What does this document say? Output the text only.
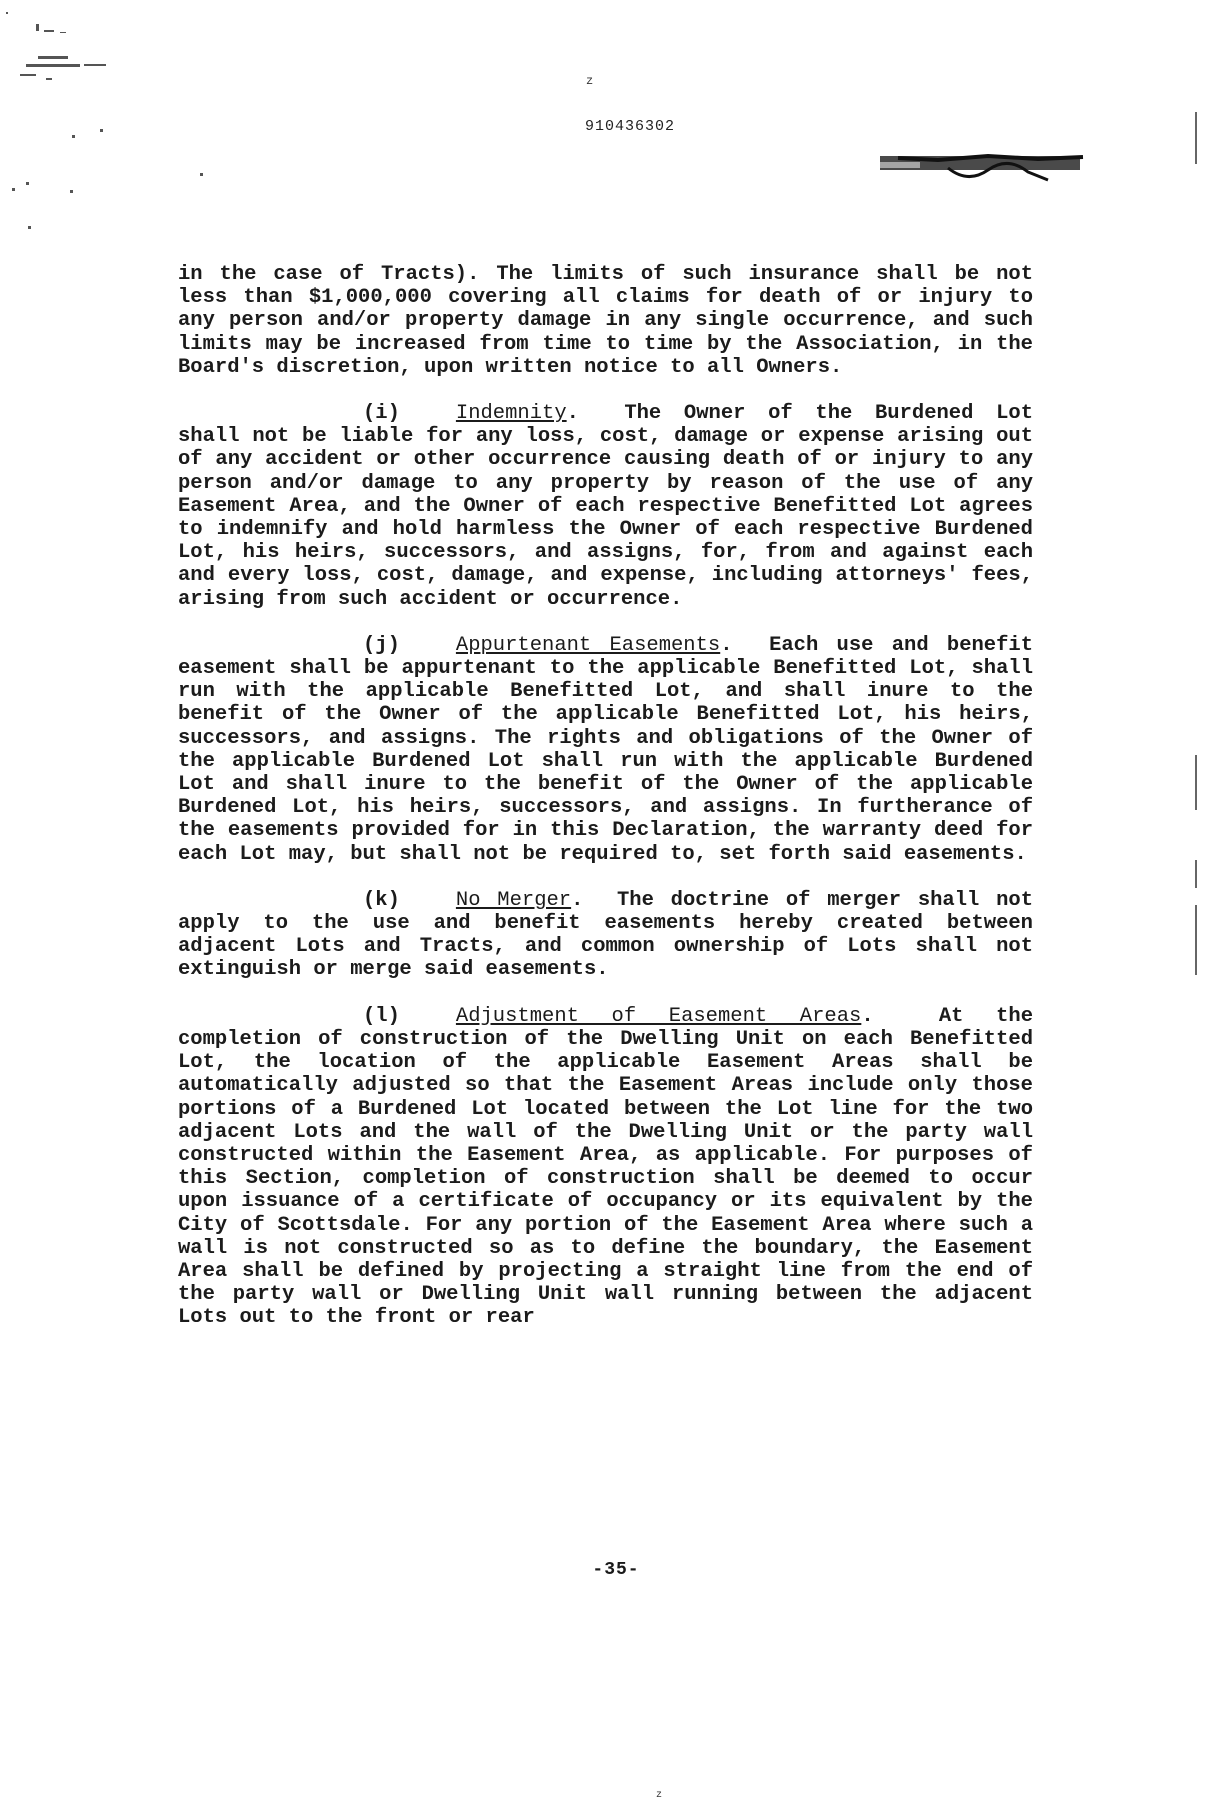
z
910436302

in the case of Tracts). The limits of such insurance shall be not less than $1,000,000 covering all claims for death of or injury to any person and/or property damage in any single occurrence, and such limits may be increased from time to time by the Association, in the Board's discretion, upon written notice to all Owners.

(i)	Indemnity.  The Owner of the Burdened Lot shall not be liable for any loss, cost, damage or expense arising out of any accident or other occurrence causing death of or injury to any person and/or damage to any property by reason of the use of any Easement Area, and the Owner of each respective Benefitted Lot agrees to indemnify and hold harmless the Owner of each respective Burdened Lot, his heirs, successors, and assigns, for, from and against each and every loss, cost, damage, and expense, including attorneys' fees, arising from such accident or occurrence.

(j)	Appurtenant Easements.  Each use and benefit easement shall be appurtenant to the applicable Benefitted Lot, shall run with the applicable Benefitted Lot, and shall inure to the benefit of the Owner of the applicable Benefitted Lot, his heirs, successors, and assigns. The rights and obligations of the Owner of the applicable Burdened Lot shall run with the applicable Burdened Lot and shall inure to the benefit of the Owner of the applicable Burdened Lot, his heirs, successors, and assigns. In furtherance of the easements provided for in this Declaration, the warranty deed for each Lot may, but shall not be required to, set forth said easements.

(k)	No Merger.  The doctrine of merger shall not apply to the use and benefit easements hereby created between adjacent Lots and Tracts, and common ownership of Lots shall not extinguish or merge said easements.

(l)	Adjustment of Easement Areas.  At the completion of construction of the Dwelling Unit on each Benefitted Lot, the location of the applicable Easement Areas shall be automatically adjusted so that the Easement Areas include only those portions of a Burdened Lot located between the Lot line for the two adjacent Lots and the wall of the Dwelling Unit or the party wall constructed within the Easement Area, as applicable. For purposes of this Section, completion of construction shall be deemed to occur upon issuance of a certificate of occupancy or its equivalent by the City of Scottsdale. For any portion of the Easement Area where such a wall is not constructed so as to define the boundary, the Easement Area shall be defined by projecting a straight line from the end of the party wall or Dwelling Unit wall running between the adjacent Lots out to the front or rear

-35-
z
